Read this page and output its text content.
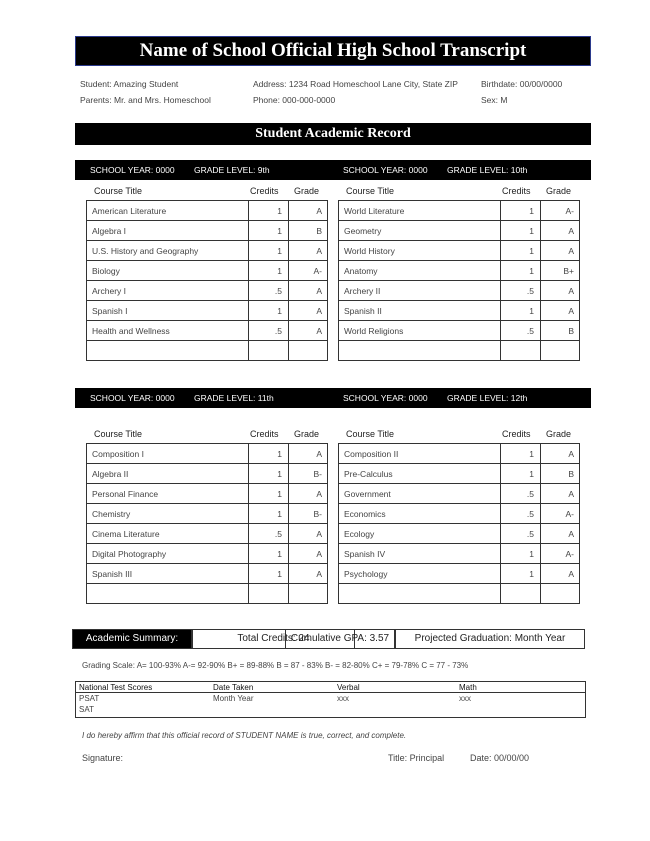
Name of School Official High School Transcript
Student: Amazing Student
Parents: Mr. and Mrs. Homeschool
Address: 1234 Road Homeschool Lane City, State ZIP
Phone: 000-000-0000
Birthdate: 00/00/0000
Sex: M
Student Academic Record
SCHOOL YEAR: 0000 GRADE LEVEL: 9th	SCHOOL YEAR: 0000 GRADE LEVEL: 10th
SCHOOL YEAR: 0000 GRADE LEVEL: 11th	SCHOOL YEAR: 0000 GRADE LEVEL: 12th
Course Title	Credits Grade
American Literature	1	A
Algebra I	1	B
U.S. History and Geography	1	A
Biology	1	A-
Archery I	.5	A
Spanish I	1	A
Health and Wellness	.5	A

Course Title	Credits Grade
World Literature	1	A-
Geometry	1	A
World History	1	A
Anatomy	1	B+
Archery II	.5	A
Spanish II	1	A
World Religions	.5	B

Course Title	Credits Grade
Composition I	1	A
Algebra II	1	B-
Personal Finance	1	A
Chemistry	1	B-
Cinema Literature	.5	A
Digital Photography	1	A
Spanish III	1	A

Course Title	Credits Grade
Composition II	1	A
Pre-Calculus	1	B
Government	.5	A
Economics	.5	A-
Ecology	.5	A
Spanish IV	1	A-
Psychology	1	A

Academic Summary:	Total Credits: 24
Cumulative GPA: 3.57	Projected Graduation: Month Year
Grading Scale: A= 100-93% A-= 92-90% B+ = 89-88% B = 87 - 83% B- = 82-80% C+ = 79-78% C = 77 - 73%
National Test Scores	Date Taken	Verbal	Math
PSAT	Month Year	xxx	xxx
SAT
I do hereby affirm that this official record of STUDENT NAME is true, correct, and complete.
Signature:	Title: Principal	Date: 00/00/00
